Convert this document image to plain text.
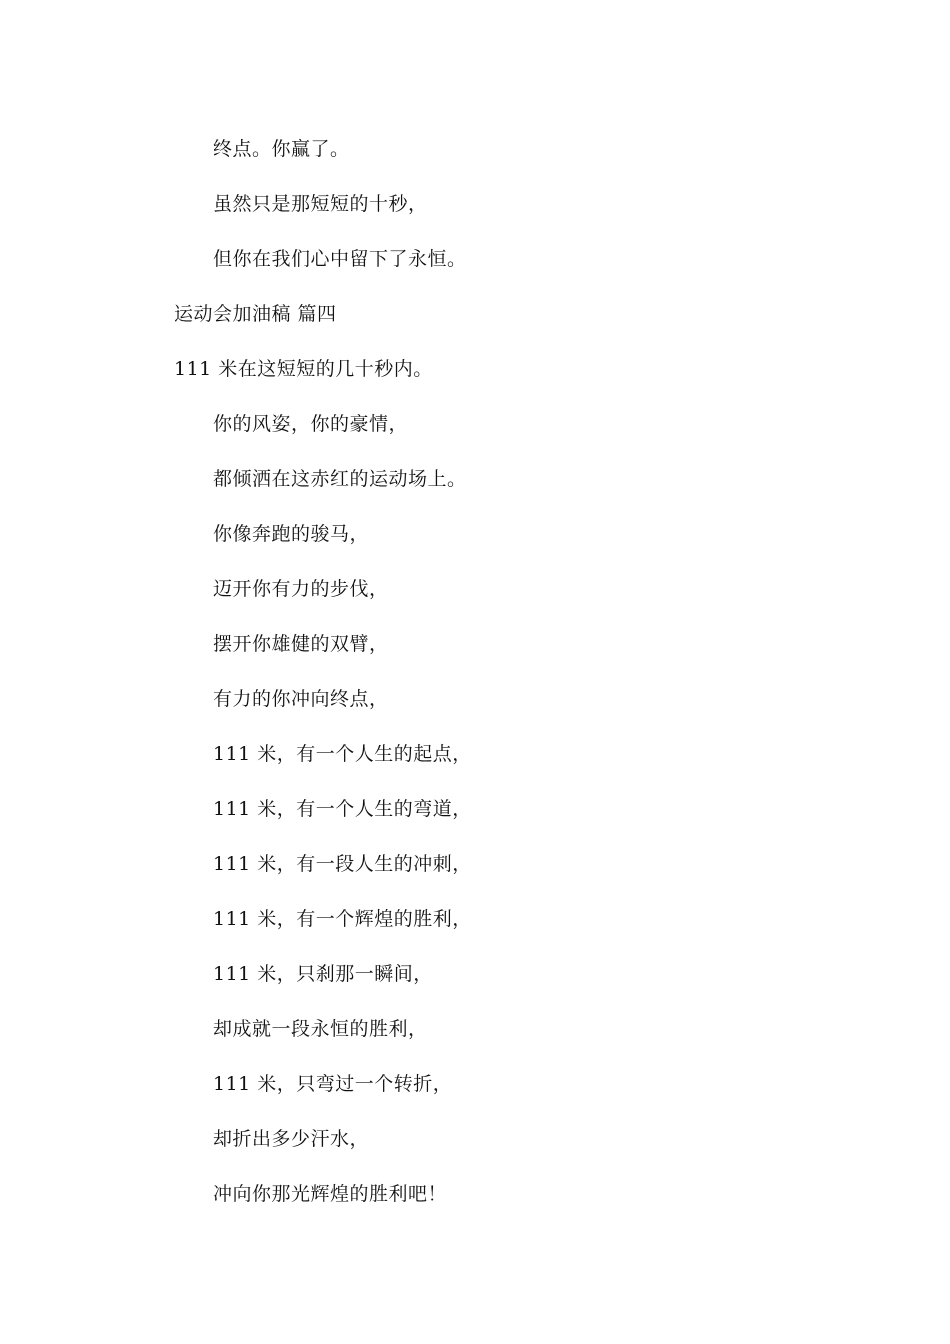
终点。你赢了。

虽然只是那短短的十秒，

但你在我们心中留下了永恒。

运动会加油稿 篇四

111 米在这短短的几十秒内。

你的风姿，你的豪情，

都倾洒在这赤红的运动场上。

你像奔跑的骏马，

迈开你有力的步伐，

摆开你雄健的双臂，

有力的你冲向终点，

111 米，有一个人生的起点，

111 米，有一个人生的弯道，

111 米，有一段人生的冲刺，

111 米，有一个辉煌的胜利，

111 米，只刹那一瞬间，

却成就一段永恒的胜利，

111 米，只弯过一个转折，

却折出多少汗水，

冲向你那光辉煌的胜利吧！
